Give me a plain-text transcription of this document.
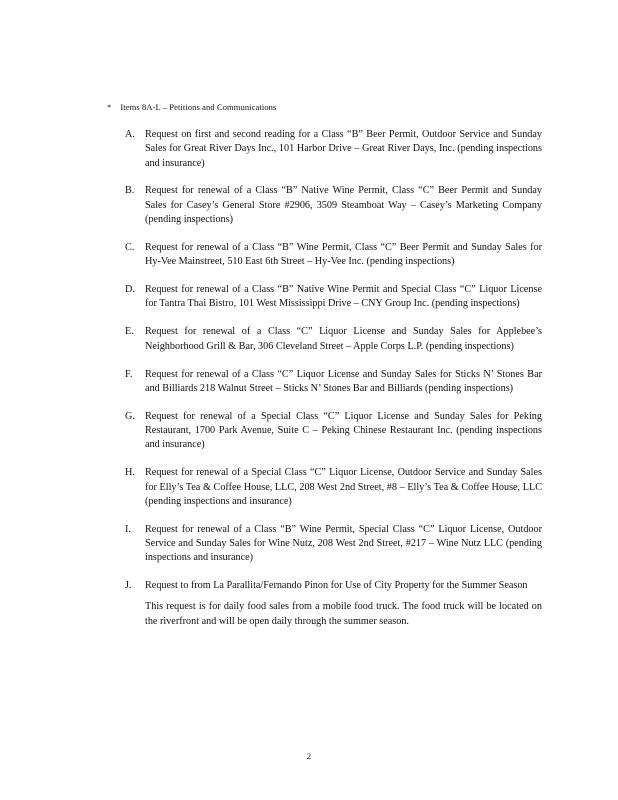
* Items 8A-L – Petitions and Communications
A. Request on first and second reading for a Class “B” Beer Permit, Outdoor Service and Sunday Sales for Great River Days Inc., 101 Harbor Drive – Great River Days, Inc. (pending inspections and insurance)
B. Request for renewal of a Class “B” Native Wine Permit, Class “C” Beer Permit and Sunday Sales for Casey’s General Store #2906, 3509 Steamboat Way – Casey’s Marketing Company (pending inspections)
C. Request for renewal of a Class “B” Wine Permit, Class “C” Beer Permit and Sunday Sales for Hy-Vee Mainstreet, 510 East 6th Street – Hy-Vee Inc. (pending inspections)
D. Request for renewal of a Class “B” Native Wine Permit and Special Class “C” Liquor License for Tantra Thai Bistro, 101 West Mississippi Drive – CNY Group Inc. (pending inspections)
E. Request for renewal of a Class “C” Liquor License and Sunday Sales for Applebee’s Neighborhood Grill & Bar, 306 Cleveland Street – Apple Corps L.P. (pending inspections)
F. Request for renewal of a Class “C” Liquor License and Sunday Sales for Sticks N’ Stones Bar and Billiards 218 Walnut Street – Sticks N’ Stones Bar and Billiards (pending inspections)
G. Request for renewal of a Special Class “C” Liquor License and Sunday Sales for Peking Restaurant, 1700 Park Avenue, Suite C – Peking Chinese Restaurant Inc. (pending inspections and insurance)
H. Request for renewal of a Special Class “C” Liquor License, Outdoor Service and Sunday Sales for Elly’s Tea & Coffee House, LLC, 208 West 2nd Street, #8 – Elly’s Tea & Coffee House, LLC (pending inspections and insurance)
I. Request for renewal of a Class “B” Wine Permit, Special Class “C” Liquor License, Outdoor Service and Sunday Sales for Wine Nutz, 208 West 2nd Street, #217 – Wine Nutz LLC (pending inspections and insurance)
J. Request to from La Parallita/Fernando Pinon for Use of City Property for the Summer Season
This request is for daily food sales from a mobile food truck. The food truck will be located on the riverfront and will be open daily through the summer season.
2
